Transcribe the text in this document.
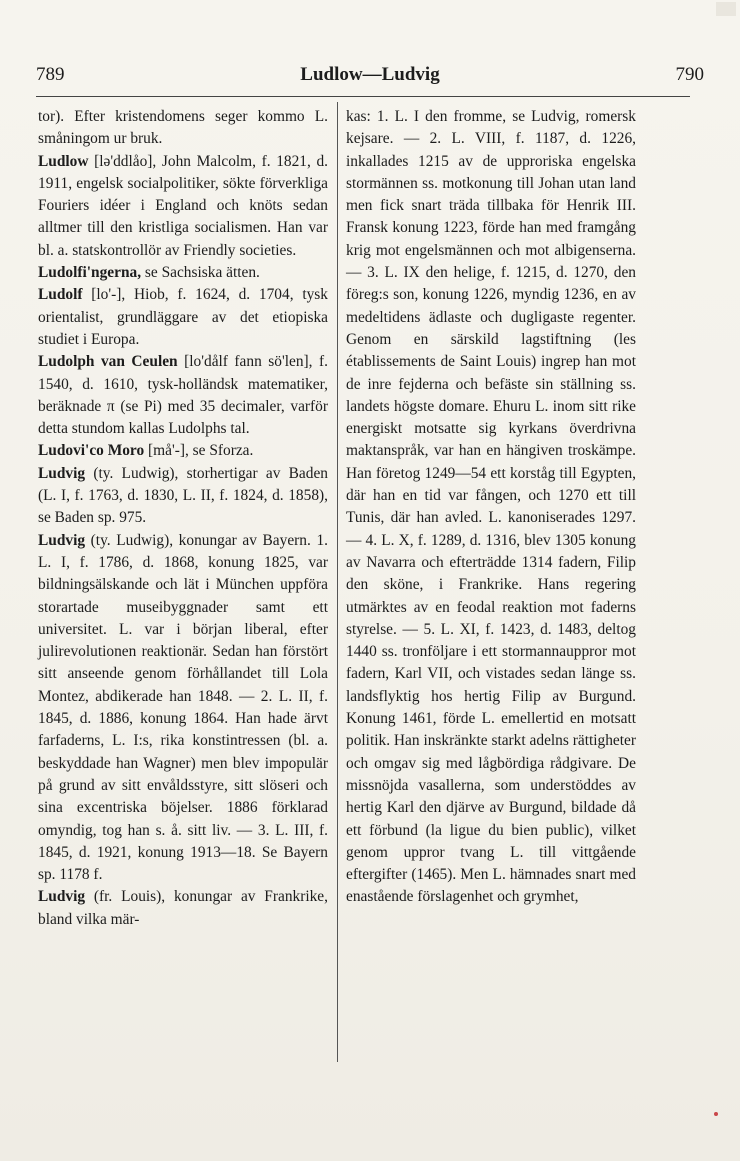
789	Ludlow—Ludvig	790

tor). Efter kristendomens seger kommo L. småningom ur bruk.

Ludlow [lə'ddlåo], John Malcolm, f. 1821, d. 1911, engelsk socialpolitiker, sökte förverkliga Fouriers idéer i England och knöts sedan alltmer till den kristliga socialismen. Han var bl. a. statskontrollör av Friendly societies.

Ludolfi'ngerna, se Sachsiska ätten.

Ludolf [lo'-], Hiob, f. 1624, d. 1704, tysk orientalist, grundläggare av det etiopiska studiet i Europa.

Ludolph van Ceulen [lo'dålf fann sö'len], f. 1540, d. 1610, tysk-holländsk matematiker, beräknade π (se Pi) med 35 decimaler, varför detta stundom kallas Ludolphs tal.

Ludovi'co Moro [må'-], se Sforza.

Ludvig (ty. Ludwig), storhertigar av Baden (L. I, f. 1763, d. 1830, L. II, f. 1824, d. 1858), se Baden sp. 975.

Ludvig (ty. Ludwig), konungar av Bayern. 1. L. I, f. 1786, d. 1868, konung 1825, var bildningsälskande och lät i München uppföra storartade museibyggnader samt ett universitet. L. var i början liberal, efter julirevolutionen reaktionär. Sedan han förstört sitt anseende genom förhållandet till Lola Montez, abdikerade han 1848. — 2. L. II, f. 1845, d. 1886, konung 1864. Han hade ärvt farfaderns, L. I:s, rika konstintressen (bl. a. beskyddade han Wagner) men blev impopulär på grund av sitt envåldsstyre, sitt slöseri och sina excentriska böjelser. 1886 förklarad omyndig, tog han s. å. sitt liv. — 3. L. III, f. 1845, d. 1921, konung 1913—18. Se Bayern sp. 1178 f.

Ludvig (fr. Louis), konungar av Frankrike, bland vilka mär-

kas: 1. L. I den fromme, se Ludvig, romersk kejsare. — 2. L. VIII, f. 1187, d. 1226, inkallades 1215 av de upproriska engelska stormännen ss. motkonung till Johan utan land men fick snart träda tillbaka för Henrik III. Fransk konung 1223, förde han med framgång krig mot engelsmännen och mot albigenserna. — 3. L. IX den helige, f. 1215, d. 1270, den föreg:s son, konung 1226, myndig 1236, en av medeltidens ädlaste och dugligaste regenter. Genom en särskild lagstiftning (les établissements de Saint Louis) ingrep han mot de inre fejderna och befäste sin ställning ss. landets högste domare. Ehuru L. inom sitt rike energiskt motsatte sig kyrkans överdrivna maktanspråk, var han en hängiven troskämpe. Han företog 1249—54 ett korståg till Egypten, där han en tid var fången, och 1270 ett till Tunis, där han avled. L. kanoniserades 1297. — 4. L. X, f. 1289, d. 1316, blev 1305 konung av Navarra och efterträdde 1314 fadern, Filip den sköne, i Frankrike. Hans regering utmärktes av en feodal reaktion mot faderns styrelse. — 5. L. XI, f. 1423, d. 1483, deltog 1440 ss. tronföljare i ett stormannauppror mot fadern, Karl VII, och vistades sedan länge ss. landsflyktig hos hertig Filip av Burgund. Konung 1461, förde L. emellertid en motsatt politik. Han inskränkte starkt adelns rättigheter och omgav sig med lågbördiga rådgivare. De missnöjda vasallerna, som understöddes av hertig Karl den djärve av Burgund, bildade då ett förbund (la ligue du bien public), vilket genom uppror tvang L. till vittgående eftergifter (1465). Men L. hämnades snart med enastående förslagenhet och grymhet,
